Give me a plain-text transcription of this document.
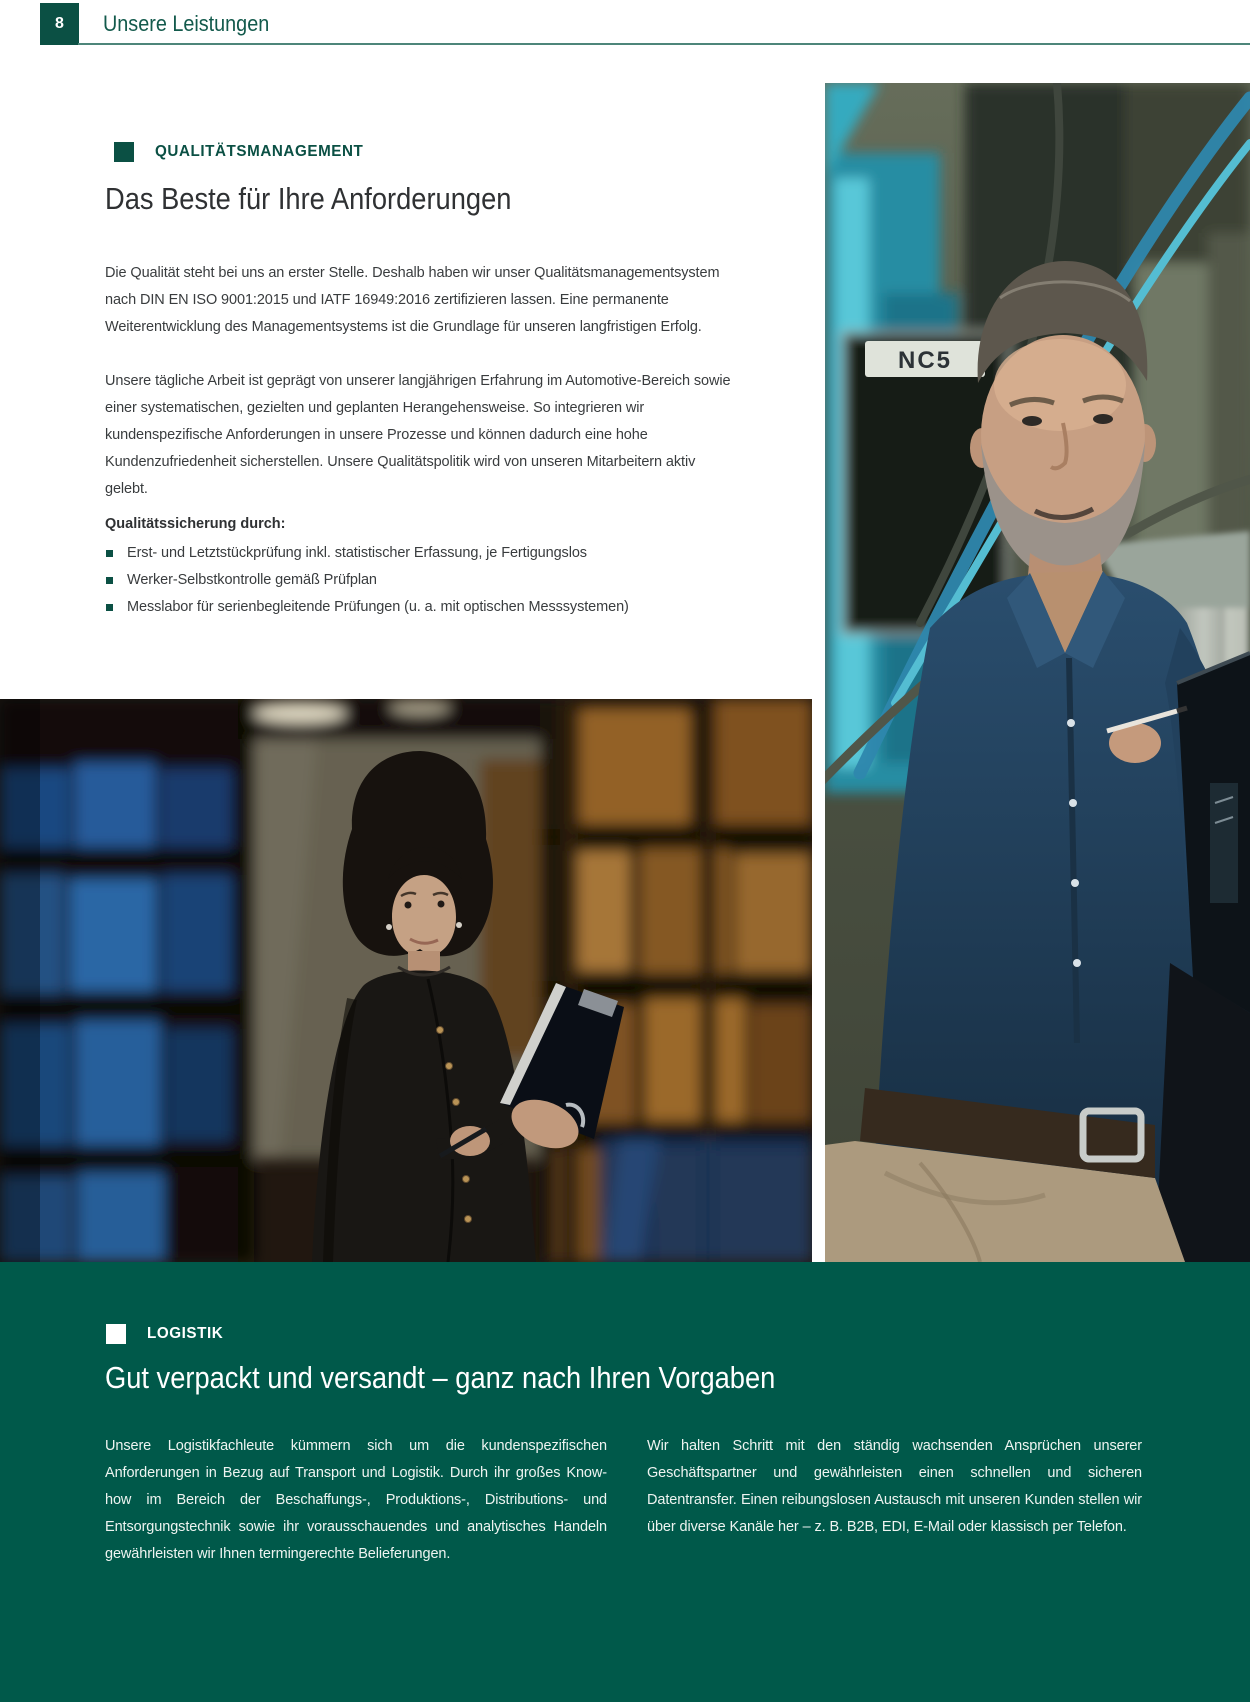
8 Unsere Leistungen
QUALITÄTSMANAGEMENT
Das Beste für Ihre Anforderungen

Die Qualität steht bei uns an erster Stelle. Deshalb haben wir unser Qualitätsmanagementsystem nach DIN EN ISO 9001:2015 und IATF 16949:2016 zertifizieren lassen. Eine permanente Weiterentwicklung des Managementsystems ist die Grundlage für unseren langfristigen Erfolg.

Unsere tägliche Arbeit ist geprägt von unserer langjährigen Erfahrung im Automotive-Bereich sowie einer systematischen, gezielten und geplanten Herangehensweise. So integrieren wir kundenspezifische Anforderungen in unsere Prozesse und können dadurch eine hohe Kundenzufriedenheit sicherstellen. Unsere Qualitätspolitik wird von unseren Mitarbeitern aktiv gelebt.

Qualitätssicherung durch:

Erst- und Letztstückprüfung inkl. statistischer Erfassung, je Fertigungslos
Werker-Selbstkontrolle gemäß Prüfplan
Messlabor für serienbegleitende Prüfungen (u. a. mit optischen Messsystemen)
NC5
LOGISTIK
Gut verpackt und versandt – ganz nach Ihren Vorgaben

Unsere Logistikfachleute kümmern sich um die kundenspezifischen Anforderungen in Bezug auf Transport und Logistik. Durch ihr großes Know-how im Bereich der Beschaffungs-, Produktions-, Distributions- und Entsorgungstechnik sowie ihr vorausschauendes und analytisches Handeln gewährleisten wir Ihnen termingerechte Belieferungen.

Wir halten Schritt mit den ständig wachsenden Ansprüchen unserer Geschäftspartner und gewährleisten einen schnellen und sicheren Datentransfer. Einen reibungslosen Austausch mit unseren Kunden stellen wir über diverse Kanäle her – z. B. B2B, EDI, E-Mail oder klassisch per Telefon.
